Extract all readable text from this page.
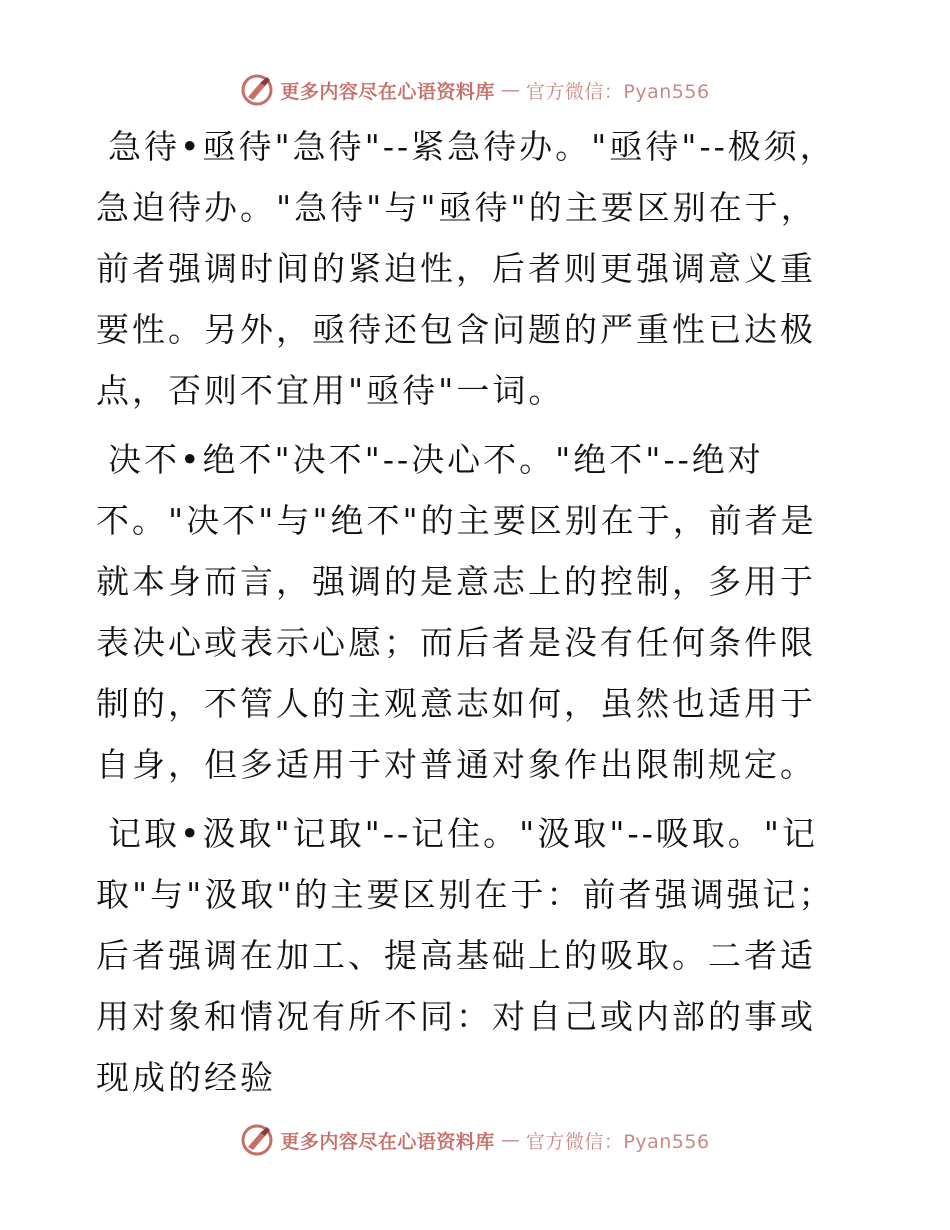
更多内容尽在心语资料库 — 官方微信：Pyan556

急待•亟待"急待"--紧急待办。"亟待"--极须，急迫待办。"急待"与"亟待"的主要区别在于，前者强调时间的紧迫性，后者则更强调意义重要性。另外，亟待还包含问题的严重性已达极点，否则不宜用"亟待"一词。

决不•绝不"决不"--决心不。"绝不"--绝对不。"决不"与"绝不"的主要区别在于，前者是就本身而言，强调的是意志上的控制，多用于表决心或表示心愿；而后者是没有任何条件限制的，不管人的主观意志如何，虽然也适用于自身，但多适用于对普通对象作出限制规定。

记取•汲取"记取"--记住。"汲取"--吸取。"记取"与"汲取"的主要区别在于：前者强调强记；后者强调在加工、提高基础上的吸取。二者适用对象和情况有所不同：对自己或内部的事或现成的经验

更多内容尽在心语资料库 — 官方微信：Pyan556
